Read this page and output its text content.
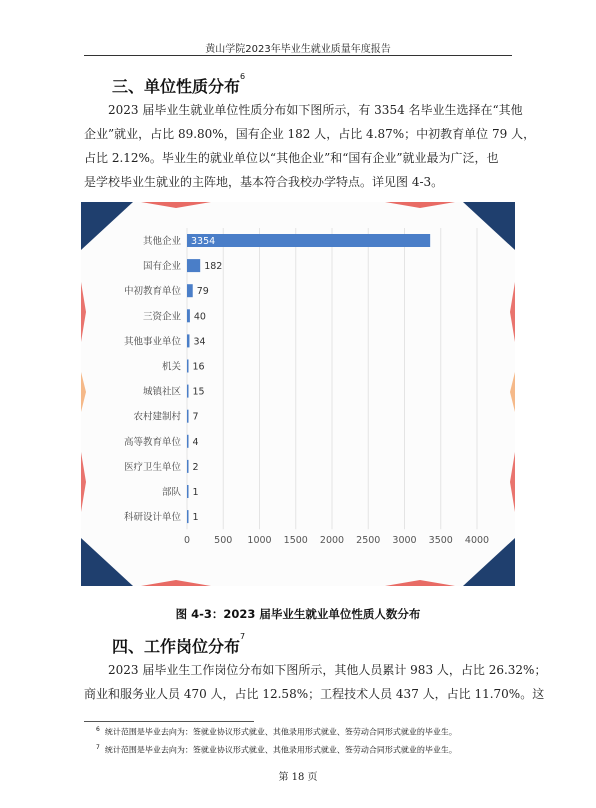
黄山学院2023年毕业生就业质量年度报告
三、单位性质分布$^6$
2023 届毕业生就业单位性质分布如下图所示，有 3354 名毕业生选择在“其他
企业”就业，占比 89.80%，国有企业 182 人，占比 4.87%；中初教育单位 79 人，
占比 2.12%。毕业生的就业单位以“其他企业”和“国有企业”就业最为广泛，也
是学校毕业生就业的主阵地，基本符合我校办学特点。详见图 4-3。
0	500 1000 1500 2000 2500 3000 3500 4000
其他企业 3354
国有企业 182
中初教育单位 79
三资企业 40
其他事业单位 34
机关 16
城镇社区 15
农村建制村 7
高等教育单位 4
医疗卫生单位 2
部队 1
科研设计单位 1
图 4-3：2023 届毕业生就业单位性质人数分布
四、工作岗位分布$^7$
2023 届毕业生工作岗位分布如下图所示，其他人员累计 983 人，占比 26.32%；
商业和服务业人员 470 人，占比 12.58%；工程技术人员 437 人，占比 11.70%。这
$^6$ 统计范围是毕业去向为：签就业协议形式就业、其他录用形式就业、签劳动合同形式就业的毕业生。
$^7$ 统计范围是毕业去向为：签就业协议形式就业、其他录用形式就业、签劳动合同形式就业的毕业生。
第 18 页
